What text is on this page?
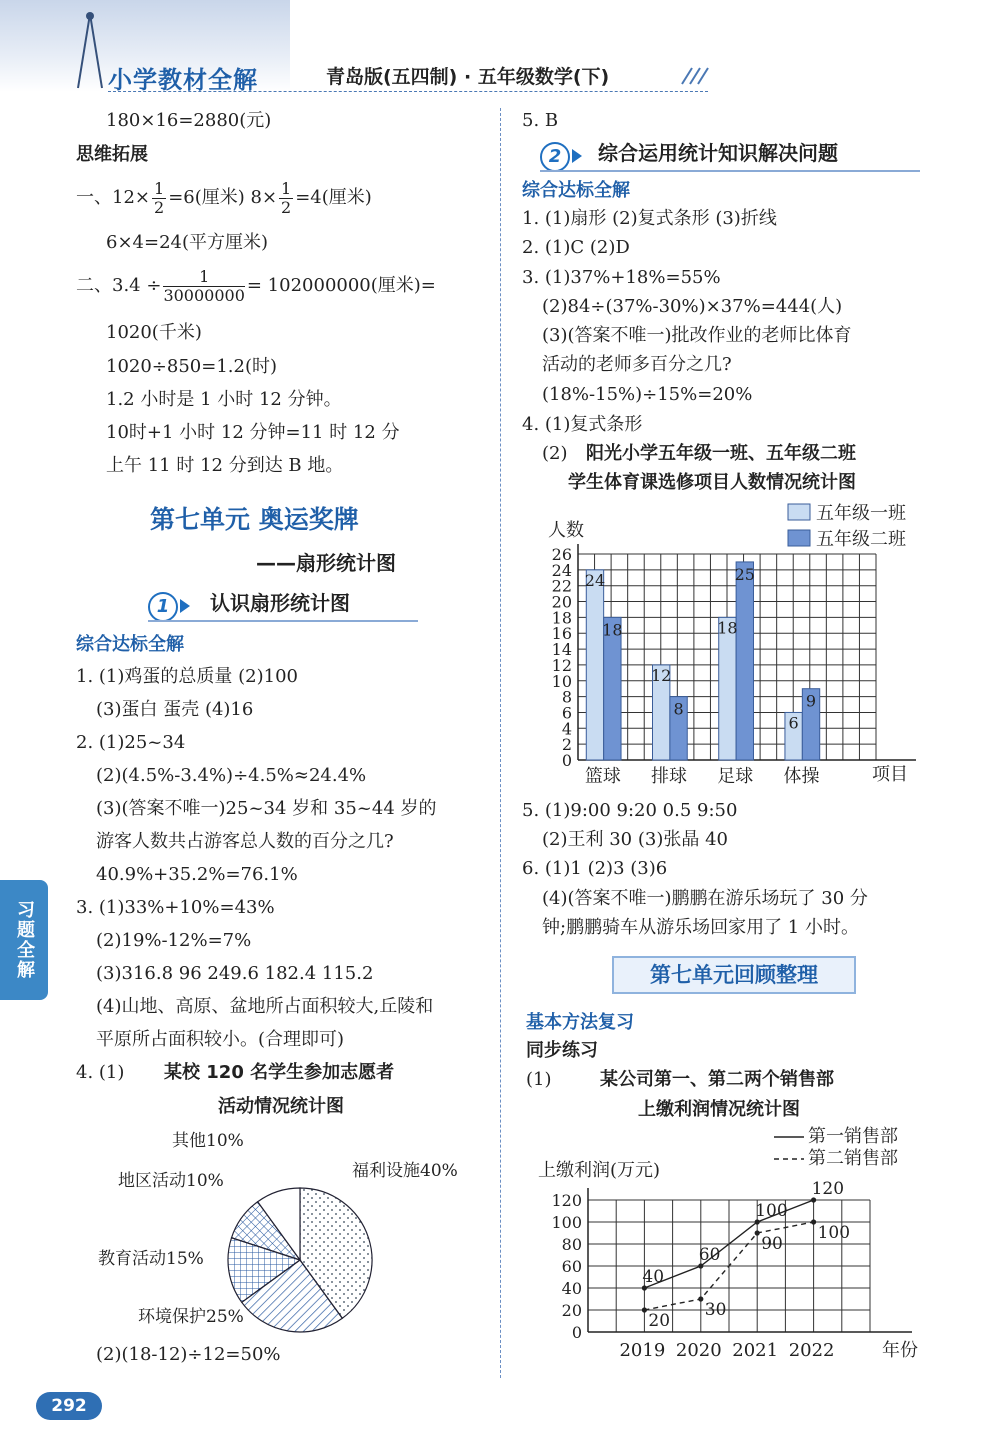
小学教材全解	青岛版(五四制) · 五年级数学(下)
180×16=2880(元)
思维拓展
一、$12\times \frac{1}{2} =6$(厘米) $8\times \frac{1}{2} =4$(厘米)
6×4=24(平方厘米)
二、$3.4 \div \frac{1}{30000000} = 102000000$(厘米)=
1020(千米)
1020÷850=1.2(时)
1.2 小时是 1 小时 12 分钟。
10时+1 小时 12 分钟=11 时 12 分
上午 11 时 12 分到达 B 地。
第七单元 奥运奖牌
——扇形统计图
1	认识扇形统计图
综合达标全解
1. (1)鸡蛋的总质量 (2)100
(3)蛋白 蛋壳 (4)16
2. (1)25~34
(2)(4.5%-3.4%)÷4.5%≈24.4%
(3)(答案不唯一)25~34 岁和 35~44 岁的
游客人数共占游客总人数的百分之几?
40.9%+35.2%=76.1%
3. (1)33%+10%=43%
(2)19%-12%=7%
(3)316.8 96 249.6 182.4 115.2
(4)山地、高原、盆地所占面积较大,丘陵和
平原所占面积较小。(合理即可)
4. (1) 某校 120 名学生参加志愿者
活动情况统计图
福利设施40%
环境保护25%
教育活动15%
地区活动10%
其他10%
(2)(18-12)÷12=50%
习题全解
292
5. B
2	综合运用统计知识解决问题
综合达标全解
1. (1)扇形 (2)复式条形 (3)折线
2. (1)C (2)D
3. (1)37%+18%=55%
(2)84÷(37%-30%)×37%=444(人)
(3)(答案不唯一)批改作业的老师比体育
活动的老师多百分之几?
(18%-15%)÷15%=20%
4. (1)复式条形
(2) 阳光小学五年级一班、五年级二班
学生体育课选修项目人数情况统计图
0
2
4
6
8
10
12
14
16
18
20
22
24
26
人数
项目
24
18
篮球
12
8
排球
18
25
足球
6
9
体操
五年级一班
五年级二班
5. (1)9:00 9:20 0.5 9:50
(2)王利 30 (3)张晶 40
6. (1)1 (2)3 (3)6
(4)(答案不唯一)鹏鹏在游乐场玩了 30 分
钟;鹏鹏骑车从游乐场回家用了 1 小时。
第七单元回顾整理
基本方法复习
同步练习
(1)	某公司第一、第二两个销售部
上缴利润情况统计图
0
20
40
60
80
100
120
上缴利润(万元)
年份
2019 2020 2021 2022
40
60
100
120
第一销售部
20
30
90
100
第二销售部
